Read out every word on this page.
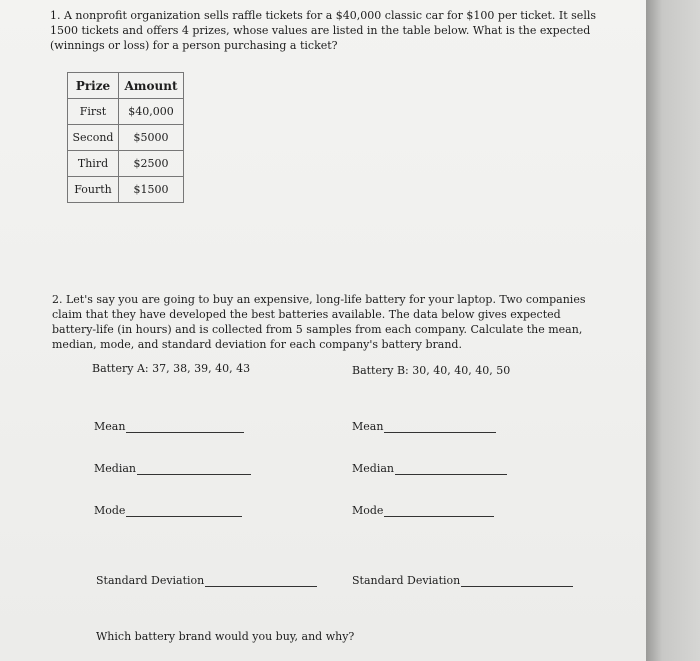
1. A nonprofit organization sells raffle tickets for a $40,000 classic car for $100 per ticket. It sells 1500 tickets and offers 4 prizes, whose values are listed in the table below. What is the expected (winnings or loss) for a person purchasing a ticket?

Prize	Amount
First	$40,000
Second	$5000
Third	$2500
Fourth	$1500

2. Let's say you are going to buy an expensive, long-life battery for your laptop. Two companies claim that they have developed the best batteries available. The data below gives expected battery-life (in hours) and is collected from 5 samples from each company. Calculate the mean, median, mode, and standard deviation for each company's battery brand.

Battery A: 37, 38, 39, 40, 43	Battery B: 30, 40, 40, 40, 50
Mean
Median
Mode
Standard Deviation
Mean
Median
Mode
Standard Deviation
Which battery brand would you buy, and why?
